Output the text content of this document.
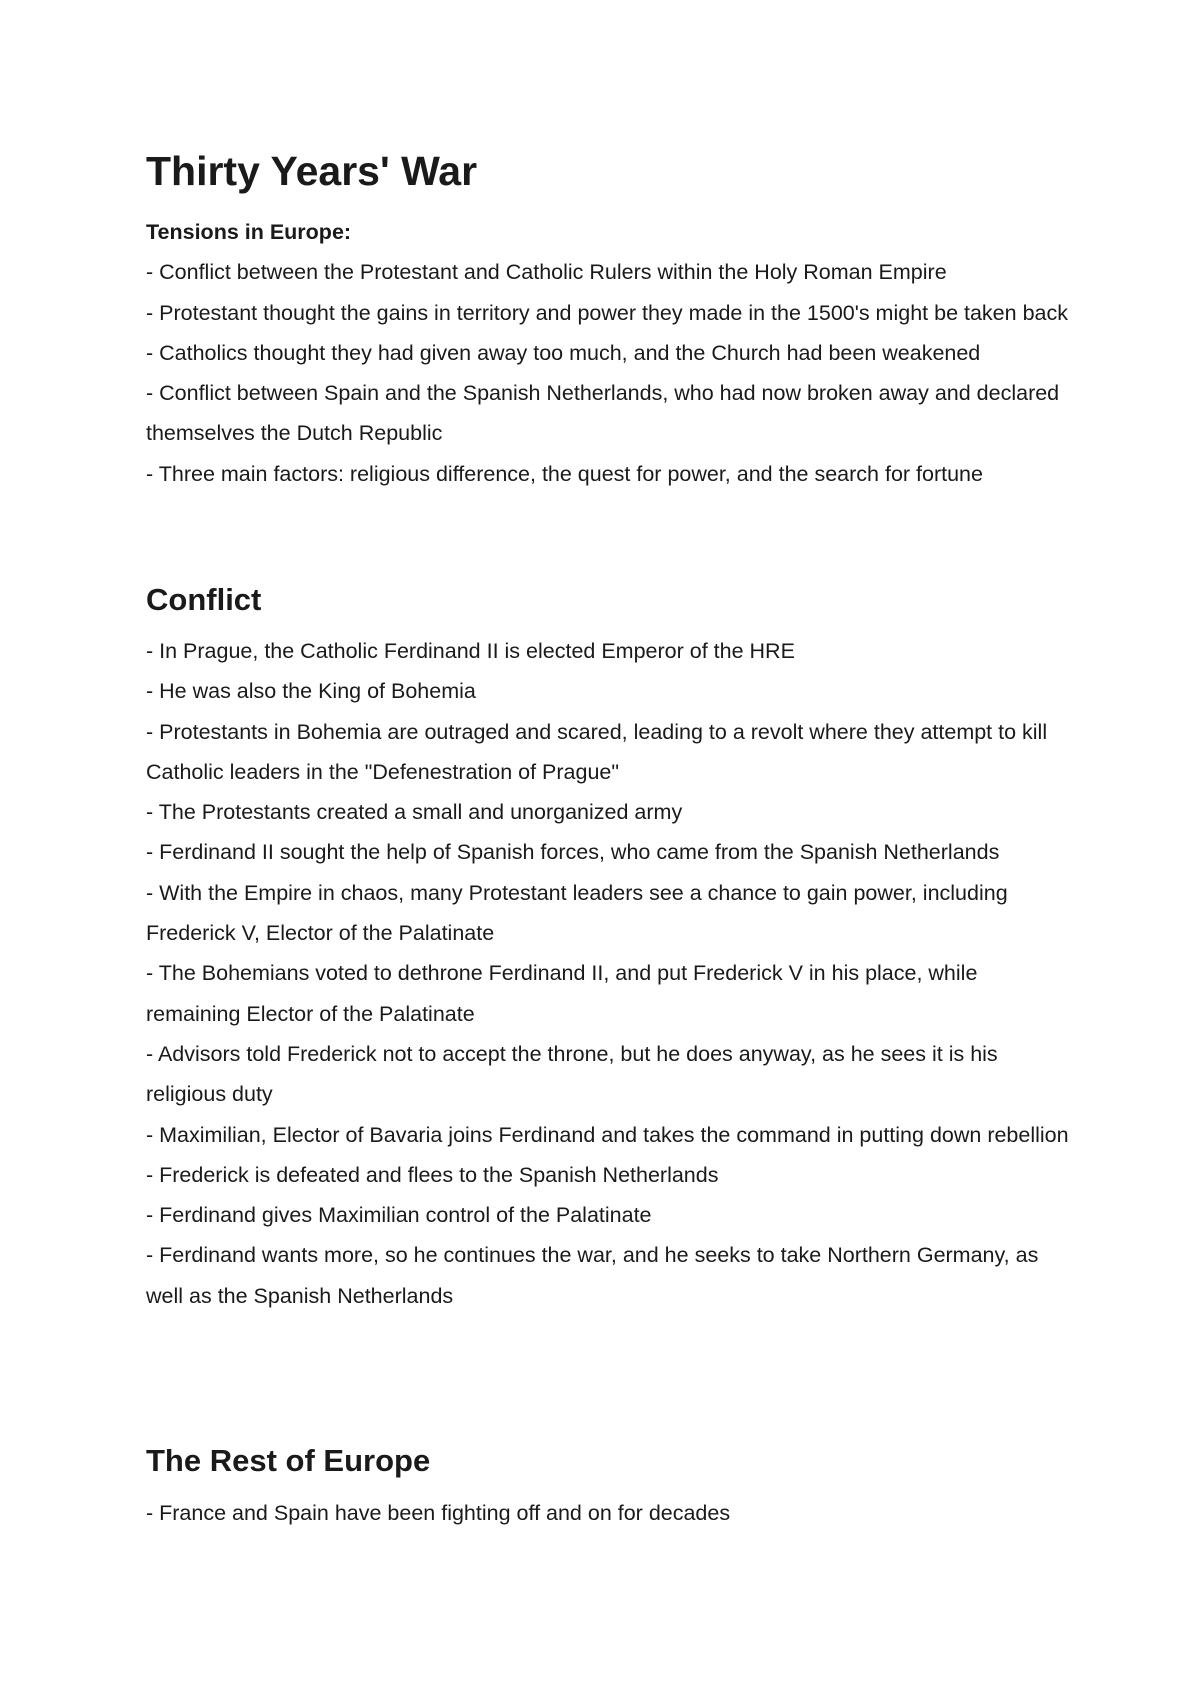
Thirty Years' War

Tensions in Europe:

- Conflict between the Protestant and Catholic Rulers within the Holy Roman Empire

- Protestant thought the gains in territory and power they made in the 1500's might be taken back

- Catholics thought they had given away too much, and the Church had been weakened

- Conflict between Spain and the Spanish Netherlands, who had now broken away and declared themselves the Dutch Republic

- Three main factors: religious difference, the quest for power, and the search for fortune

Conflict

- In Prague, the Catholic Ferdinand II is elected Emperor of the HRE

- He was also the King of Bohemia

- Protestants in Bohemia are outraged and scared, leading to a revolt where they attempt to kill Catholic leaders in the "Defenestration of Prague"

- The Protestants created a small and unorganized army

- Ferdinand II sought the help of Spanish forces, who came from the Spanish Netherlands

- With the Empire in chaos, many Protestant leaders see a chance to gain power, including Frederick V, Elector of the Palatinate

- The Bohemians voted to dethrone Ferdinand II, and put Frederick V in his place, while remaining Elector of the Palatinate

- Advisors told Frederick not to accept the throne, but he does anyway, as he sees it is his religious duty

- Maximilian, Elector of Bavaria joins Ferdinand and takes the command in putting down rebellion

- Frederick is defeated and flees to the Spanish Netherlands

- Ferdinand gives Maximilian control of the Palatinate

- Ferdinand wants more, so he continues the war, and he seeks to take Northern Germany, as well as the Spanish Netherlands

The Rest of Europe

- France and Spain have been fighting off and on for decades
